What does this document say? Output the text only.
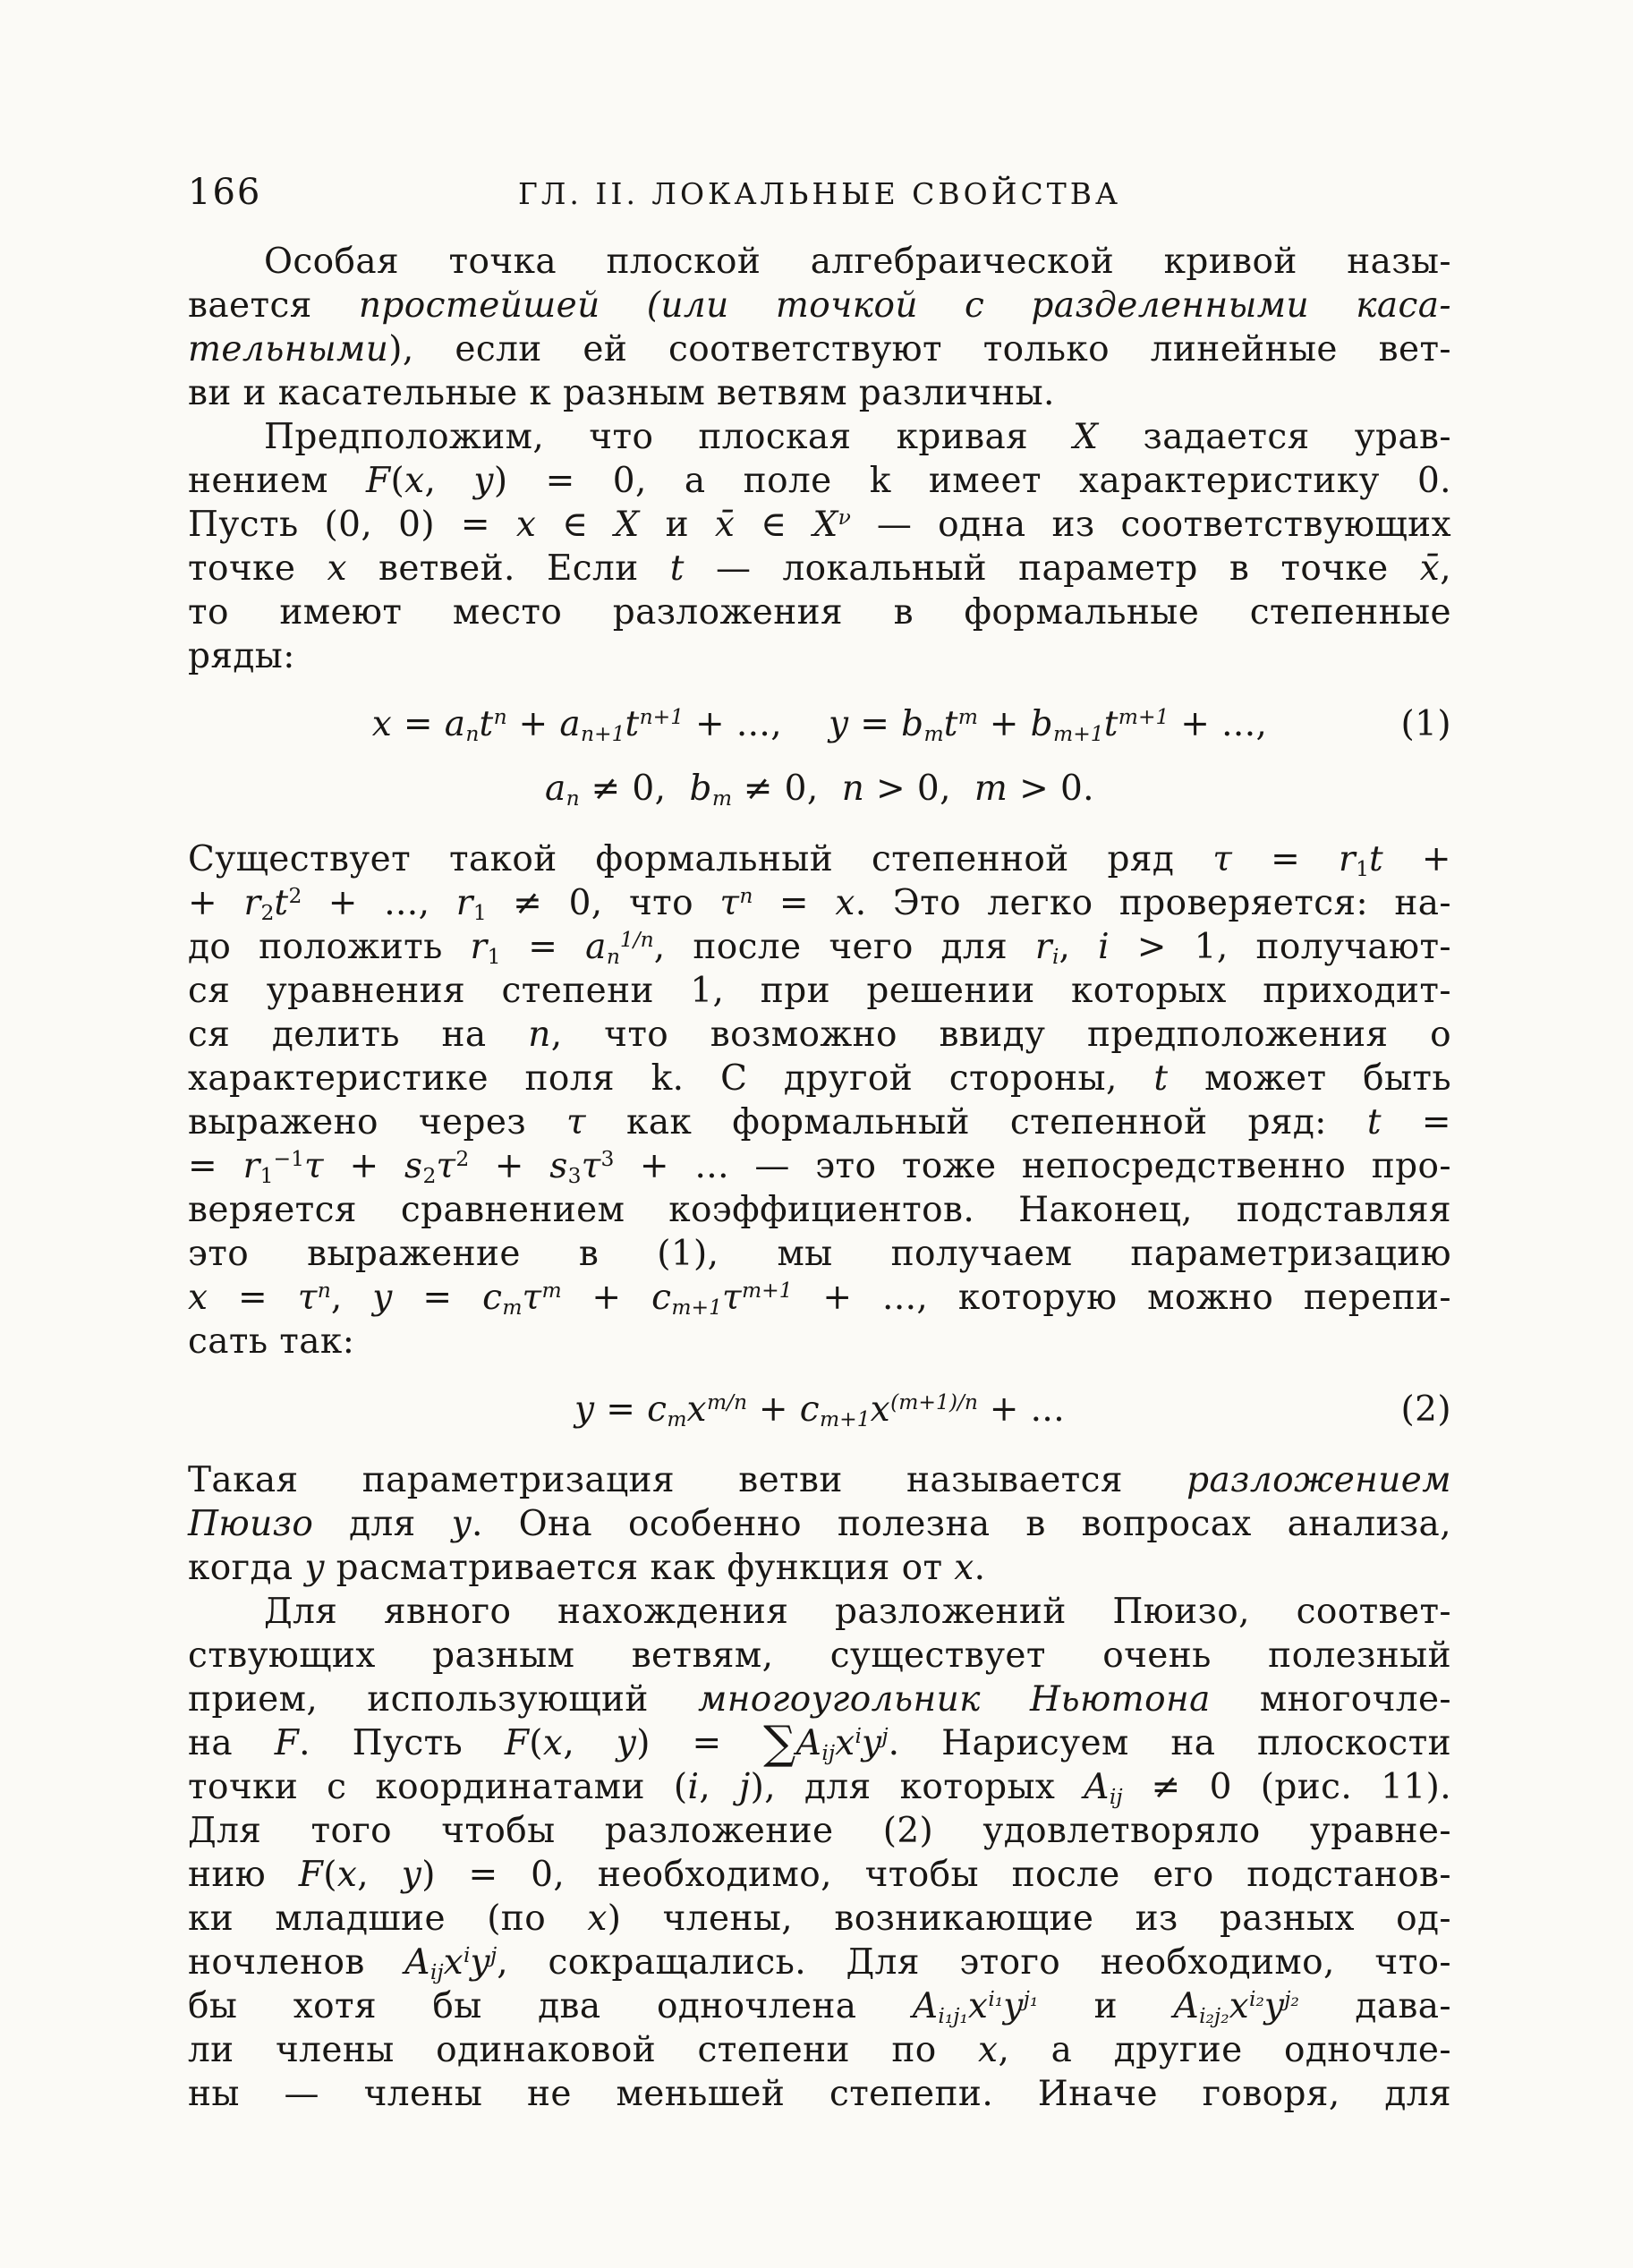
166	ГЛ. II. ЛОКАЛЬНЫЕ СВОЙСТВА
Особая точка плоской алгебраической кривой назы-
вается простейшей (или точкой с разделенными каса-
тельными), если ей соответствуют только линейные вет-
ви и касательные к разным ветвям различны.
Предположим, что плоская кривая X задается урав-
нением F(x, y) = 0, а поле k имеет характеристику 0.
Пусть (0, 0) = x ∈ X и x̄ ∈ $X^\nu$ — одна из соответствующих
точке x ветвей. Если t — локальный параметр в точке x̄,
то имеют место разложения в формальные степенные
ряды:
$x = ant^n + an+1t^{n+1}$ + ..., $y = bmt^m + bm+1t^{m+1}$ + ...,	(1)
an ≠ 0, bm ≠ 0, n > 0, m > 0.
Существует такой формальный степенной ряд τ = r1t +
+ $r2t^2$ + ..., r1 ≠ 0, что $\tau^n = x$. Это легко проверяется: на-
до положить $r1 = an^{1/n}$, после чего для ri, i > 1, получают-
ся уравнения степени 1, при решении которых приходит-
ся делить на n, что возможно ввиду предположения о
характеристике поля k. С другой стороны, t может быть
выражено через τ как формальный степенной ряд: t =
= $r1^{-1}\tau + s2\tau^2 + s3\tau^3$ + ... — это тоже непосредственно про-
веряется сравнением коэффициентов. Наконец, подставляя
это выражение в (1), мы получаем параметризацию
$x = \tau^n$, $y = cm\tau^m + cm+1\tau^{m+1}$ + ..., которую можно перепи-
сать так:
$y = cmx^{m/n} + cm+1x^{(m+1)/n}$ + ...	(2)
Такая параметризация ветви называется разложением
Пюизо для y. Она особенно полезна в вопросах анализа,
когда y расматривается как функция от x.
Для явного нахождения разложений Пюизо, соответ-
ствующих разным ветвям, существует очень полезный
прием, использующий многоугольник Ньютона многочле-
на F. Пусть F(x, $y) = \sum Aijx^iy^j$. Нарисуем на плоскости
точки с координатами (i, j), для которых Aij ≠ 0 (рис. 11).
Для того чтобы разложение (2) удовлетворяло уравне-
нию F(x, y) = 0, необходимо, чтобы после его подстанов-
ки младшие (по x) члены, возникающие из разных од-
ночленов $Aijx^iy^j$, сокращались. Для этого необходимо, что-
бы хотя бы два одночлена $Ai_1j_1x^{i_1}y^{j_1}$ и $Ai_2j_2x^{i_2}y^{j_2}$ дава-
ли члены одинаковой степени по x, а другие одночле-
ны — члены не меньшей степепи. Иначе говоря, для
